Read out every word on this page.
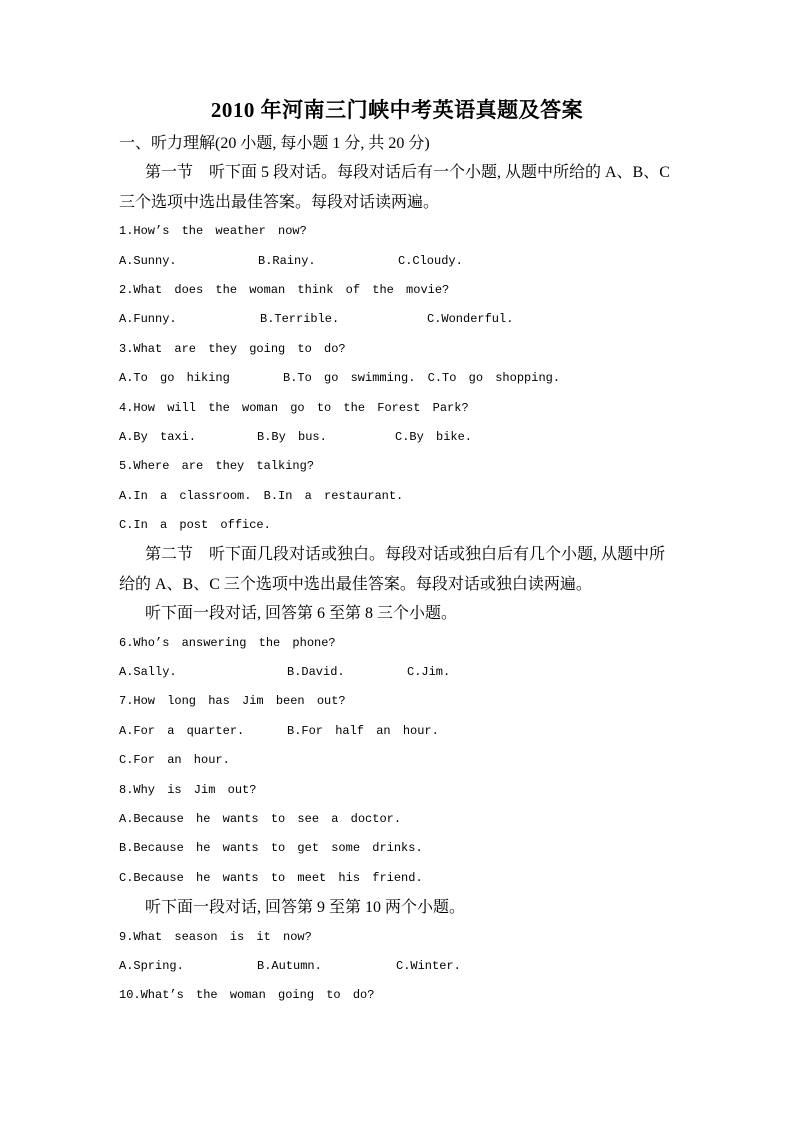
2010 年河南三门峡中考英语真题及答案
一、听力理解(20 小题, 每小题 1 分, 共 20 分)
第一节　听下面 5 段对话。每段对话后有一个小题, 从题中所给的 A、B、C
三个选项中选出最佳答案。每段对话读两遍。
1.How’s the weather now?
A.Sunny.	B.Rainy.	C.Cloudy.
2.What does the woman think of the movie?
A.Funny.	B.Terrible.	C.Wonderful.
3.What are they going to do?
A.To go hiking	B.To go swimming. C.To go shopping.
4.How will the woman go to the Forest Park?
A.By taxi.	B.By bus.	C.By bike.
5.Where are they talking?
A.In a classroom. B.In a restaurant.
C.In a post office.
第二节　听下面几段对话或独白。每段对话或独白后有几个小题, 从题中所
给的 A、B、C 三个选项中选出最佳答案。每段对话或独白读两遍。
听下面一段对话, 回答第 6 至第 8 三个小题。
6.Who’s answering the phone?
A.Sally.	B.David.	C.Jim.
7.How long has Jim been out?
A.For a quarter.	B.For half an hour.
C.For an hour.
8.Why is Jim out?
A.Because he wants to see a doctor.
B.Because he wants to get some drinks.
C.Because he wants to meet his friend.
听下面一段对话, 回答第 9 至第 10 两个小题。
9.What season is it now?
A.Spring.	B.Autumn.	C.Winter.
10.What’s the woman going to do?
